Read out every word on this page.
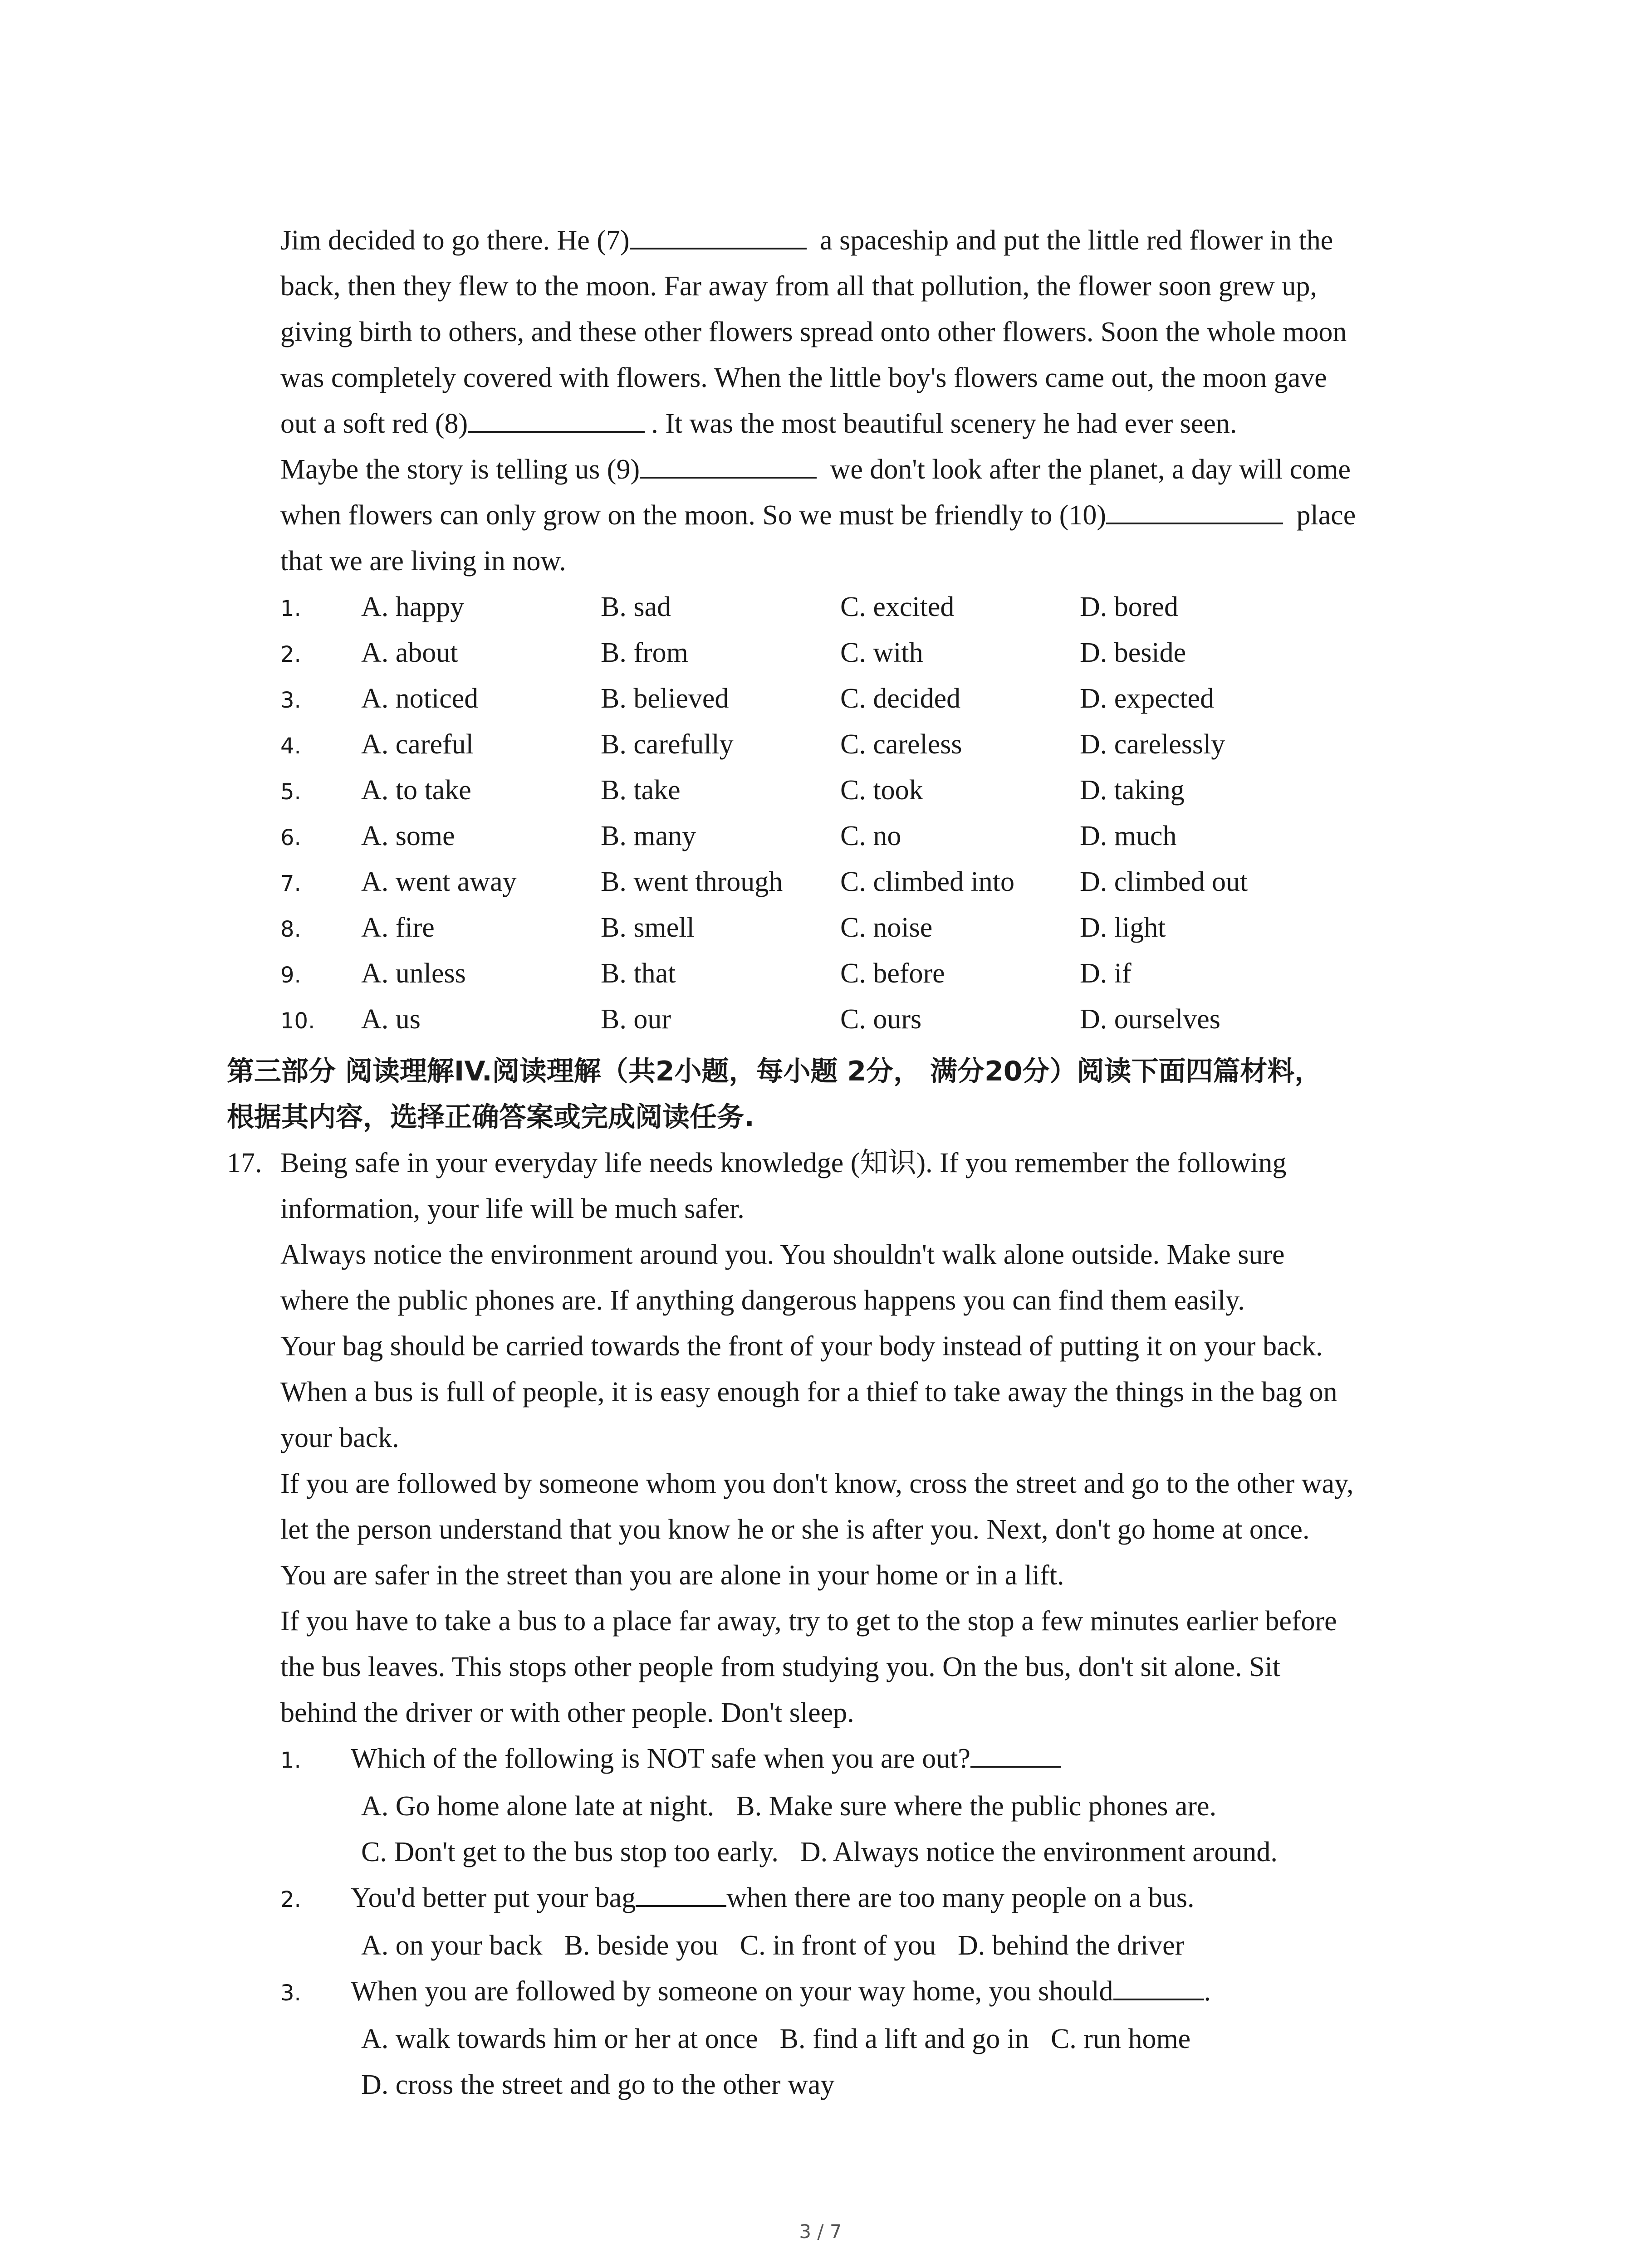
Jim decided to go there. He (7)	a spaceship and put the little red flower in the

back, then they flew to the moon. Far away from all that pollution, the flower soon grew up,

giving birth to others, and these other flowers spread onto other flowers. Soon the whole moon

was completely covered with flowers. When the little boy's flowers came out, the moon gave

out a soft red (8)	. It was the most beautiful scenery he had ever seen.

Maybe the story is telling us (9)	we don't look after the planet, a day will come

when flowers can only grow on the moon. So we must be friendly to (10)	place

that we are living in now.

1.	A. happy	B. sad	C. excited	D. bored
2.	A. about	B. from	C. with	D. beside
3.	A. noticed	B. believed	C. decided	D. expected
4.	A. careful	B. carefully	C. careless	D. carelessly
5.	A. to take	B. take	C. took	D. taking
6.	A. some	B. many	C. no	D. much
7.	A. went away	B. went through	C. climbed into	D. climbed out
8.	A. fire	B. smell	C. noise	D. light
9.	A. unless	B. that	C. before	D. if
10.	A. us	B. our	C. ours	D. ourselves

第三部分 阅读理解IV.阅读理解（共2小题，每小题 2分， 满分20分）阅读下面四篇材料，

根据其内容，选择正确答案或完成阅读任务.

17. Being safe in your everyday life needs knowledge (知识). If you remember the following

information, your life will be much safer.

Always notice the environment around you. You shouldn't walk alone outside. Make sure

where the public phones are. If anything dangerous happens you can find them easily.

Your bag should be carried towards the front of your body instead of putting it on your back.

When a bus is full of people, it is easy enough for a thief to take away the things in the bag on

your back.

If you are followed by someone whom you don't know, cross the street and go to the other way,

let the person understand that you know he or she is after you. Next, don't go home at once.

You are safer in the street than you are alone in your home or in a lift.

If you have to take a bus to a place far away, try to get to the stop a few minutes earlier before

the bus leaves. This stops other people from studying you. On the bus, don't sit alone. Sit

behind the driver or with other people. Don't sleep.

1.	Which of the following is NOT safe when you are out?

A. Go home alone late at night. B. Make sure where the public phones are.

C. Don't get to the bus stop too early. D. Always notice the environment around.

2.	You'd better put your bag	when there are too many people on a bus.

A. on your back B. beside you C. in front of you D. behind the driver

3.	When you are followed by someone on your way home, you should	.

A. walk towards him or her at once B. find a lift and go in C. run home

D. cross the street and go to the other way

3 / 7
